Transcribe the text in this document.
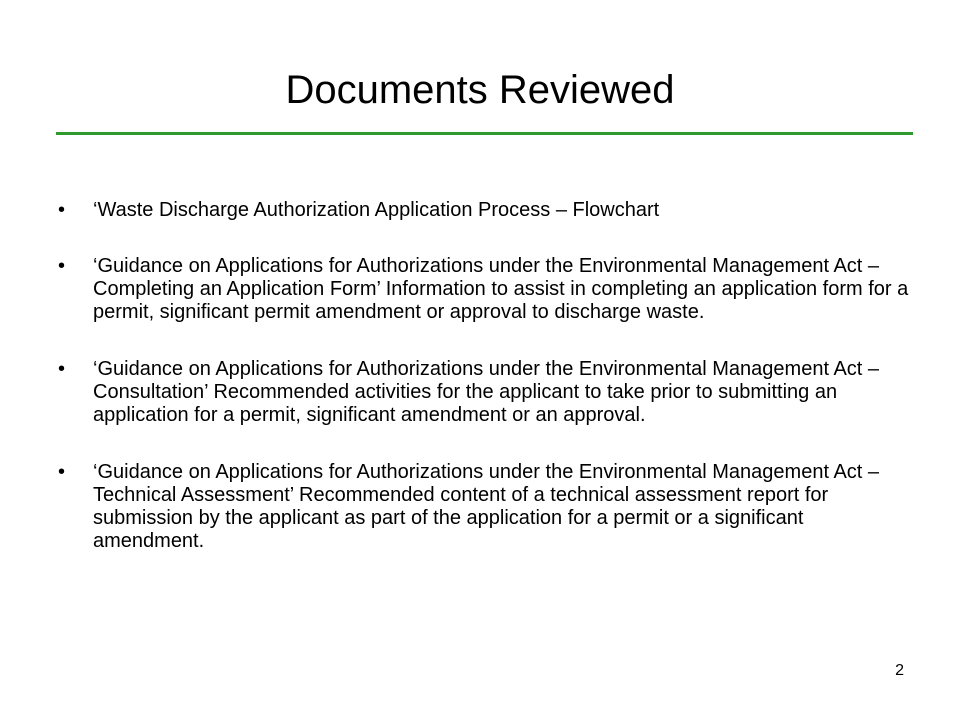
Documents Reviewed
•	‘Waste Discharge Authorization Application Process – Flowchart
•	‘Guidance on Applications for Authorizations under the Environmental Management Act – Completing an Application Form’ Information to assist in completing an application form for a permit, significant permit amendment or approval to discharge waste.
•	‘Guidance on Applications for Authorizations under the Environmental Management Act – Consultation’ Recommended activities for the applicant to take prior to submitting an application for a permit, significant amendment or an approval.
•	‘Guidance on Applications for Authorizations under the Environmental Management Act – Technical Assessment’ Recommended content of a technical assessment report for submission by the applicant as part of the application for a permit or a significant amendment.
2
